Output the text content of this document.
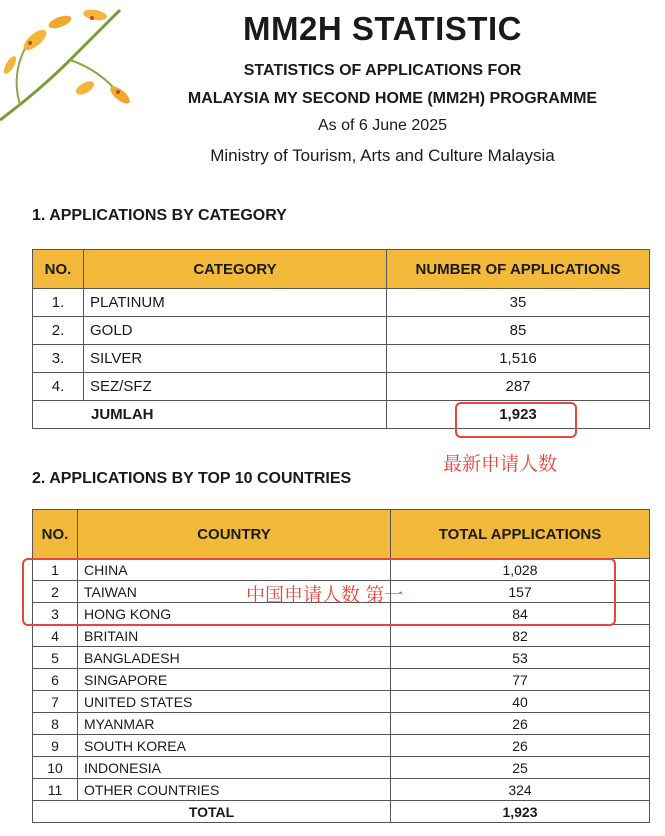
MM2H STATISTIC
STATISTICS OF APPLICATIONS FOR
MALAYSIA MY SECOND HOME (MM2H) PROGRAMME
As of 6 June 2025
Ministry of Tourism, Arts and Culture Malaysia
1. APPLICATIONS BY CATEGORY
NO.	CATEGORY	NUMBER OF APPLICATIONS
1.	PLATINUM	35
2.	GOLD	85
3.	SILVER	1,516
4.	SEZ/SFZ	287
JUMLAH		1,923
最新申请人数
2. APPLICATIONS BY TOP 10 COUNTRIES
NO.	COUNTRY	TOTAL APPLICATIONS
1	CHINA	1,028
2	TAIWAN	157
3	HONG KONG	84
4	BRITAIN	82
5	BANGLADESH	53
6	SINGAPORE	77
7	UNITED STATES	40
8	MYANMAR	26
9	SOUTH KOREA	26
10	INDONESIA	25
11	OTHER COUNTRIES	324
TOTAL		1,923
中国申请人数 第一
